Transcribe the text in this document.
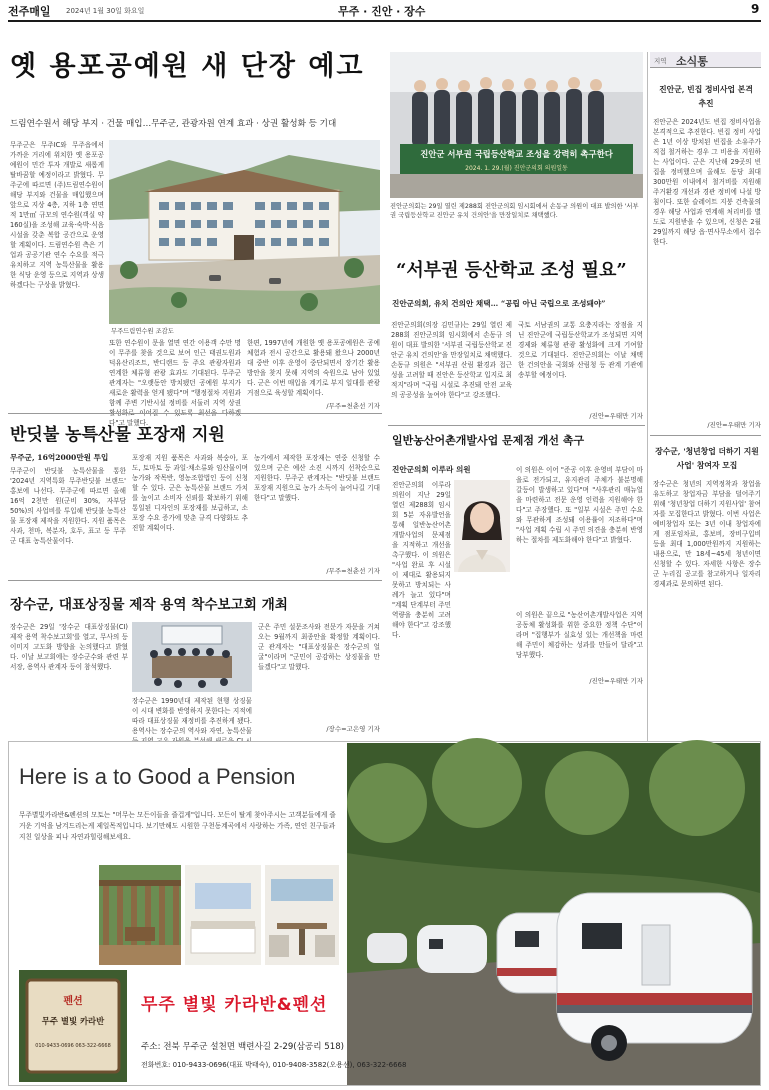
전주매일 2024년 1월 30일 화요일	무주 · 진안 · 장수	9
옛 용포공예원 새 단장 예고
드림연수원서 해당 부지 · 건물 매입…무주군, 관광자원 연계 효과 · 상권 활성화 등 기대
무주군은 무주IC와 무주읍에서 가까운 거리에 위치한 옛 용포공예원이 민간 투자 개발로 새롭게 탈바꿈할 예정이라고 밝혔다. 무주군에 따르면 (주)드림연수원이 해당 부지와 건물을 매입했으며 앞으로 지상 4층, 지하 1층 연면적 1만㎡ 규모의 연수원(객실 약 160실)을 조성해 교육·숙박·식음 시설을 갖춘 복합 공간으로 운영할 계획이다. 드림연수원 측은 기업과 공공기관 연수 수요를 적극 유치하고 지역 농특산물을 활용한 식당 운영 등으로 지역과 상생하겠다는 구상을 밝혔다.
무주드림연수원 조감도
또한 연수원이 문을 열면 연간 이용객 수만 명이 무주를 찾을 것으로 보여 인근 태권도원과 덕유산리조트, 반디랜드 등 주요 관광자원과 연계한 체류형 관광 효과도 기대된다. 무주군 관계자는 "오랫동안 방치됐던 공예원 부지가 새로운 활력을 얻게 됐다"며 "행정절차 지원과 함께 주변 기반시설 정비를 서둘러 지역 상권 활성화로 이어질 수 있도록 최선을 다하겠다"고 말했다.
한편, 1997년에 개원한 옛 용포공예원은 공예 체험과 전시 공간으로 활용돼 왔으나 2000년대 중반 이후 운영이 중단되면서 장기간 활용 방안을 찾지 못해 지역의 숙원으로 남아 있었다. 군은 이번 매입을 계기로 부지 일대를 관광 거점으로 육성할 계획이다.
/무주=천춘선 기자
진안군 서부권 국립등산학교 조성을 강력히 촉구한다
2024. 1. 29.(월) 진안군의회 의원일동
진안군의회는 29일 열린 제288회 진안군의회 임시회에서 손동규 의원이 대표 발의한 '서부권 국립등산학교 진안군 유치 건의안'을 만장일치로 채택했다.
“서부권 등산학교 조성 필요”
진안군의회, 유치 건의안 채택… “공립 아닌 국립으로 조성돼야”
진안군의회(의장 김민규)는 29일 열린 제288회 진안군의회 임시회에서 손동규 의원이 대표 발의한 '서부권 국립등산학교 진안군 유치 건의안'을 만장일치로 채택했다. 손동규 의원은 "서부권 산림 환경과 접근성을 고려할 때 진안은 등산학교 입지로 최적지"라며 "국립 시설로 추진돼 안전 교육의 공공성을 높여야 한다"고 강조했다.
국토 서남권의 교통 요충지라는 장점을 지닌 진안군에 국립등산학교가 조성되면 지역 경제와 체류형 관광 활성화에 크게 기여할 것으로 기대된다. 진안군의회는 이날 채택한 건의안을 국회와 산림청 등 관계 기관에 송부할 예정이다.
/진안=우태만 기자
지역 소식통
진안군, 빈집 정비사업 본격 추진
진안군은 2024년도 빈집 정비사업을 본격적으로 추진한다. 빈집 정비 사업은 1년 이상 방치된 빈집을 소유주가 직접 철거하는 경우 그 비용을 지원하는 사업이다. 군은 지난해 29곳의 빈집을 정비했으며 올해도 동당 최대 300만원 이내에서 철거비를 지원해 주거환경 개선과 경관 정비에 나설 방침이다. 또한 슬레이트 지붕 건축물의 경우 해당 사업과 연계해 처리비를 별도로 지원받을 수 있으며, 신청은 2월 29일까지 해당 읍·면사무소에서 접수한다.
/진안=우태만 기자
장수군, '청년창업 더하기 지원사업' 참여자 모집
장수군은 청년의 지역정착과 창업을 유도하고 창업자금 부담을 덜어주기 위해 '청년창업 더하기 지원사업' 참여자를 모집한다고 밝혔다. 이번 사업은 예비창업자 또는 3년 이내 창업자에게 점포임차료, 홍보비, 장비구입비 등을 최대 1,000만원까지 지원하는 내용으로, 만 18세~45세 청년이면 신청할 수 있다. 자세한 사항은 장수군 누리집 공고를 참고하거나 일자리경제과로 문의하면 된다.
반딧불 농특산물 포장재 지원
무주군, 16억2000만원 투입
무주군이 반딧불 농특산물을 통한 '2024년 지역특화 무주반딧불 브랜드' 홍보에 나선다. 무주군에 따르면 올해 16억 2천만 원(군비 30%, 자부담 50%)의 사업비를 투입해 반딧불 농특산물 포장재 제작을 지원한다. 지원 품목은 사과, 천마, 복분자, 호두, 표고 등 무주군 대표 농특산물이다.
포장재 지원 품목은 사과와 복숭아, 포도, 토마토 등 과일·채소류와 임산물이며 농가와 작목반, 영농조합법인 등이 신청할 수 있다. 군은 농특산물 브랜드 가치를 높이고 소비자 신뢰를 확보하기 위해 통일된 디자인의 포장재를 보급하고, 소포장 수요 증가에 맞춘 규격 다양화도 추진할 계획이다.
농가에서 제작한 포장재는 연중 신청할 수 있으며 군은 예산 소진 시까지 선착순으로 지원한다. 무주군 관계자는 "반딧불 브랜드 포장재 지원으로 농가 소득이 늘어나길 기대한다"고 말했다.
/무주=천춘선 기자
일반농산어촌개발사업 문제점 개선 촉구
진안군의회 이루라 의원
진안군의회 이루라 의원이 지난 29일 열린 제288회 임시회 5분 자유발언을 통해 일반농산어촌개발사업의 문제점을 지적하고 개선을 촉구했다. 이 의원은 "사업 완료 후 시설이 제대로 활용되지 못하고 방치되는 사례가 늘고 있다"며 "계획 단계부터 주민 역량을 충분히 고려해야 한다"고 강조했다.
이 의원은 이어 "준공 이후 운영비 부담이 마을로 전가되고, 유지관리 주체가 불분명해 갈등이 발생하고 있다"며 "사후관리 매뉴얼을 마련하고 전문 운영 인력을 지원해야 한다"고 주장했다. 또 "일부 시설은 주민 수요와 무관하게 조성돼 이용률이 저조하다"며 "사업 계획 수립 시 주민 의견을 충분히 반영하는 절차를 제도화해야 한다"고 밝혔다.
이 의원은 끝으로 "농산어촌개발사업은 지역 공동체 활성화를 위한 중요한 정책 수단"이라며 "집행부가 실효성 있는 개선책을 마련해 주민이 체감하는 성과를 만들어 달라"고 당부했다.
/진안=우태만 기자
장수군, 대표상징물 제작 용역 착수보고회 개최
장수군은 29일 '장수군 대표상징물(CI) 제작 용역 착수보고회'를 열고, 무사의 등 이미지 고도화 방향을 논의했다고 밝혔다. 이날 보고회에는 장수군수와 관련 부서장, 용역사 관계자 등이 참석했다.
장수군은 1990년대 제작된 현행 상징물이 시대 변화를 반영하지 못한다는 지적에 따라 대표상징물 재정비를 추진하게 됐다. 용역사는 장수군의 역사와 자연, 농특산물
군은 주민 설문조사와 전문가 자문을 거쳐 오는 9월까지 최종안을 확정할 계획이다. 군 관계자는 "대표상징물은 장수군의 얼굴"이라며 "군민이 공감하는 상징물을 만들겠다"고 말했다.
/장수=고은영 기자
Here is a to Good a Pension
무주별빛카라반&펜션의 모토는 "머무는 모든이들을 즐겁게"입니다. 모든이 탈게 찾아주시는 고객분들에게 즐거운 기억을 남겨드리는게 제일목적입니다. 보기만해도 시원한 구천동계곡에서 사랑하는 가족, 연인 친구들과 지친 일상을 피나 자연과힐링해보세요.
펜션
무주 별빛 카라반
010-9433-0696 063-322-6668
무주 별빛 카라반&펜션
주소: 전북 무주군 설천면 백련사길 2-29(삼공리 518)
전화번호: 010-9433-0696(대표 박태숙), 010-9408-3582(오용선), 063-322-6668
